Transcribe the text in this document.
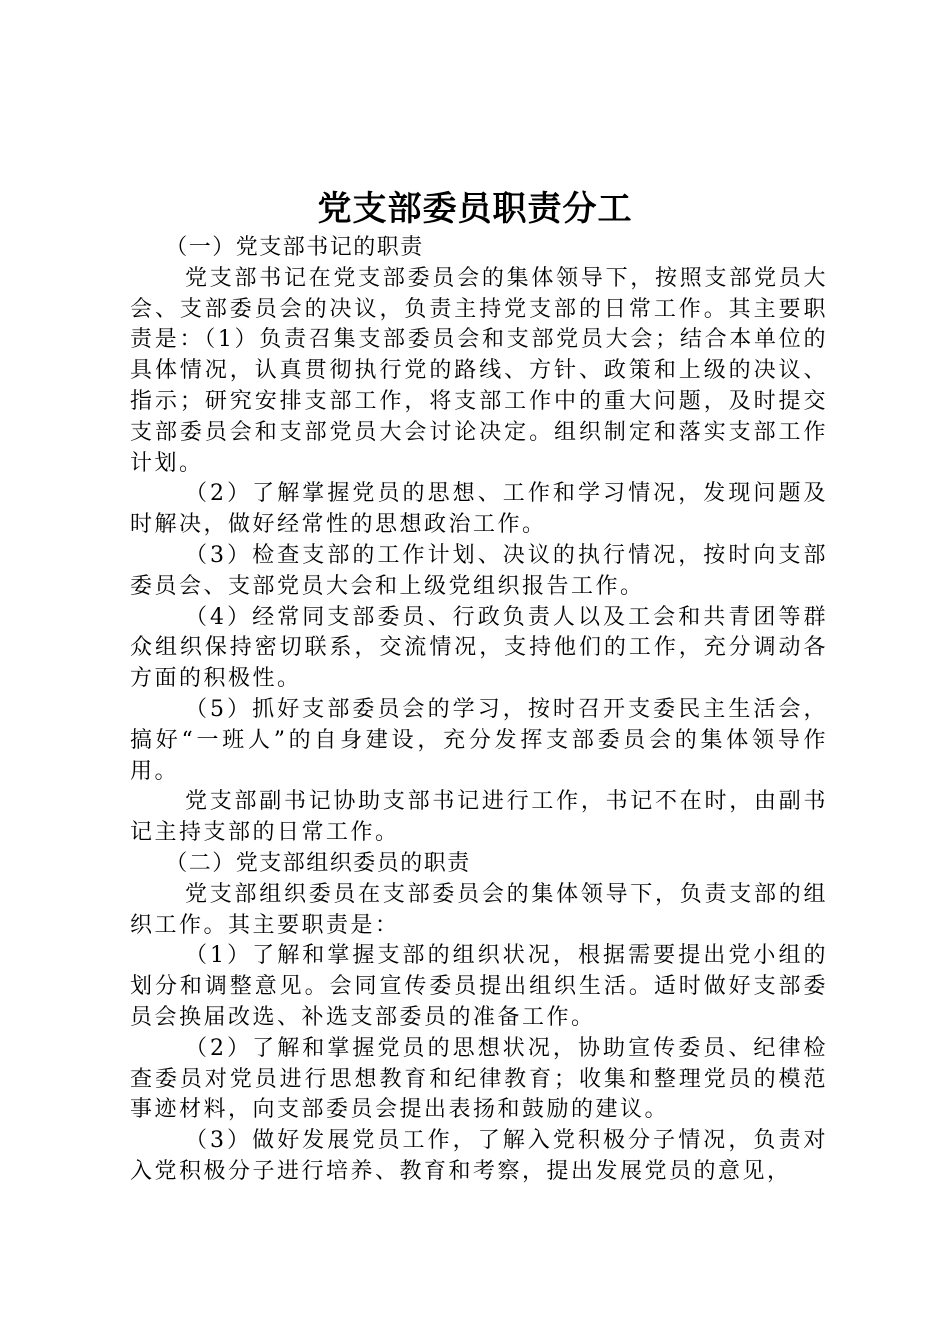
党支部委员职责分工

（一）党支部书记的职责

党支部书记在党支部委员会的集体领导下，按照支部党员大会、支部委员会的决议，负责主持党支部的日常工作。其主要职责是：（1）负责召集支部委员会和支部党员大会；结合本单位的具体情况，认真贯彻执行党的路线、方针、政策和上级的决议、指示；研究安排支部工作，将支部工作中的重大问题，及时提交支部委员会和支部党员大会讨论决定。组织制定和落实支部工作计划。

（2）了解掌握党员的思想、工作和学习情况，发现问题及时解决，做好经常性的思想政治工作。

（3）检查支部的工作计划、决议的执行情况，按时向支部委员会、支部党员大会和上级党组织报告工作。

（4）经常同支部委员、行政负责人以及工会和共青团等群众组织保持密切联系，交流情况，支持他们的工作，充分调动各方面的积极性。

（5）抓好支部委员会的学习，按时召开支委民主生活会，搞好“一班人”的自身建设，充分发挥支部委员会的集体领导作用。

党支部副书记协助支部书记进行工作，书记不在时，由副书记主持支部的日常工作。

（二）党支部组织委员的职责

党支部组织委员在支部委员会的集体领导下，负责支部的组织工作。其主要职责是：

（1）了解和掌握支部的组织状况，根据需要提出党小组的划分和调整意见。会同宣传委员提出组织生活。适时做好支部委员会换届改选、补选支部委员的准备工作。

（2）了解和掌握党员的思想状况，协助宣传委员、纪律检查委员对党员进行思想教育和纪律教育；收集和整理党员的模范事迹材料，向支部委员会提出表扬和鼓励的建议。

（3）做好发展党员工作，了解入党积极分子情况，负责对入党积极分子进行培养、教育和考察，提出发展党员的意见，
